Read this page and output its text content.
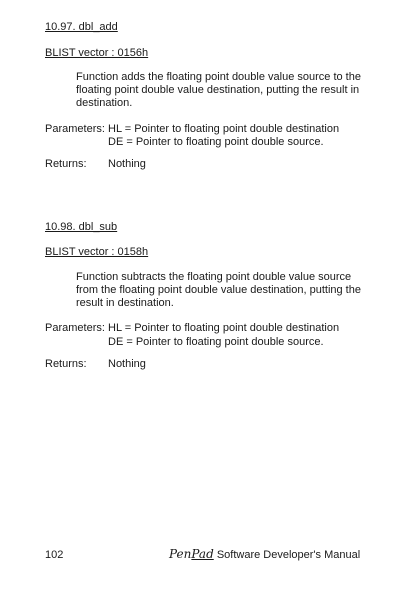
10.97. dbl_add
BLIST vector : 0156h
Function adds the floating point double value source to the floating point double value destination, putting the result in destination.
Parameters: HL = Pointer to floating point double destination
DE = Pointer to floating point double source.
Returns: Nothing
10.98. dbl_sub
BLIST vector : 0158h
Function subtracts the floating point double value source from the floating point double value destination, putting the result in destination.
Parameters: HL = Pointer to floating point double destination
DE = Pointer to floating point double source.
Returns: Nothing
102	PenPad Software Developer's Manual
